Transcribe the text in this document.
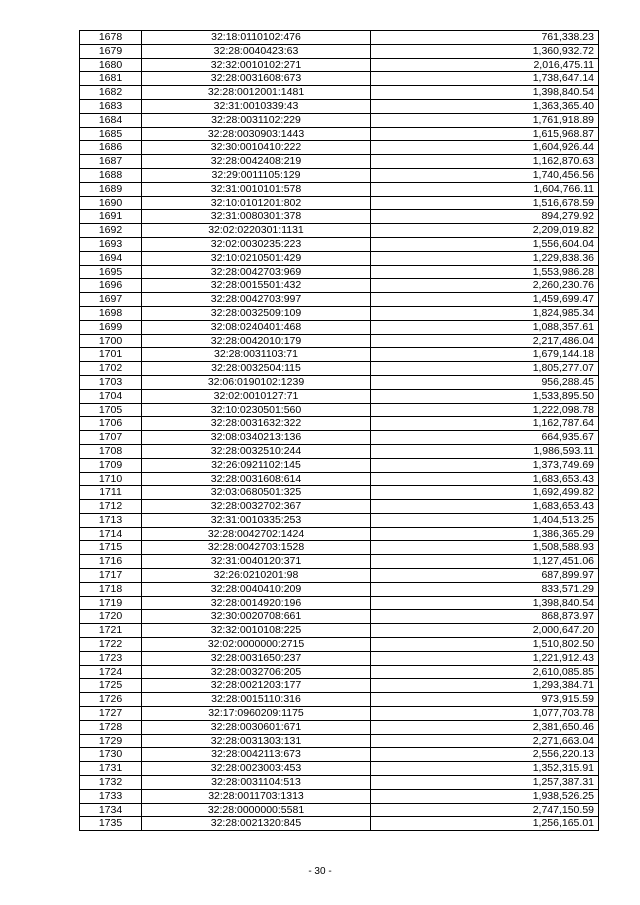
1678	32:18:0110102:476	761,338.23
1679	32:28:0040423:63	1,360,932.72
1680	32:32:0010102:271	2,016,475.11
1681	32:28:0031608:673	1,738,647.14
1682	32:28:0012001:1481	1,398,840.54
1683	32:31:0010339:43	1,363,365.40
1684	32:28:0031102:229	1,761,918.89
1685	32:28:0030903:1443	1,615,968.87
1686	32:30:0010410:222	1,604,926.44
1687	32:28:0042408:219	1,162,870.63
1688	32:29:0011105:129	1,740,456.56
1689	32:31:0010101:578	1,604,766.11
1690	32:10:0101201:802	1,516,678.59
1691	32:31:0080301:378	894,279.92
1692	32:02:0220301:1131	2,209,019.82
1693	32:02:0030235:223	1,556,604.04
1694	32:10:0210501:429	1,229,838.36
1695	32:28:0042703:969	1,553,986.28
1696	32:28:0015501:432	2,260,230.76
1697	32:28:0042703:997	1,459,699.47
1698	32:28:0032509:109	1,824,985.34
1699	32:08:0240401:468	1,088,357.61
1700	32:28:0042010:179	2,217,486.04
1701	32:28:0031103:71	1,679,144.18
1702	32:28:0032504:115	1,805,277.07
1703	32:06:0190102:1239	956,288.45
1704	32:02:0010127:71	1,533,895.50
1705	32:10:0230501:560	1,222,098.78
1706	32:28:0031632:322	1,162,787.64
1707	32:08:0340213:136	664,935.67
1708	32:28:0032510:244	1,986,593.11
1709	32:26:0921102:145	1,373,749.69
1710	32:28:0031608:614	1,683,653.43
1711	32:03:0680501:325	1,692,499.82
1712	32:28:0032702:367	1,683,653.43
1713	32:31:0010335:253	1,404,513.25
1714	32:28:0042702:1424	1,386,365.29
1715	32:28:0042703:1528	1,508,588.93
1716	32:31:0040120:371	1,127,451.06
1717	32:26:0210201:98	687,899.97
1718	32:28:0040410:209	833,571.29
1719	32:28:0014920:196	1,398,840.54
1720	32:30:0020708:661	868,873.97
1721	32:32:0010108:225	2,000,647.20
1722	32:02:0000000:2715	1,510,802.50
1723	32:28:0031650:237	1,221,912.43
1724	32:28:0032706:205	2,610,085.85
1725	32:28:0021203:177	1,293,384.71
1726	32:28:0015110:316	973,915.59
1727	32:17:0960209:1175	1,077,703.78
1728	32:28:0030601:671	2,381,650.46
1729	32:28:0031303:131	2,271,663.04
1730	32:28:0042113:673	2,556,220.13
1731	32:28:0023003:453	1,352,315.91
1732	32:28:0031104:513	1,257,387.31
1733	32:28:0011703:1313	1,938,526.25
1734	32:28:0000000:5581	2,747,150.59
1735	32:28:0021320:845	1,256,165.01
- 30 -
